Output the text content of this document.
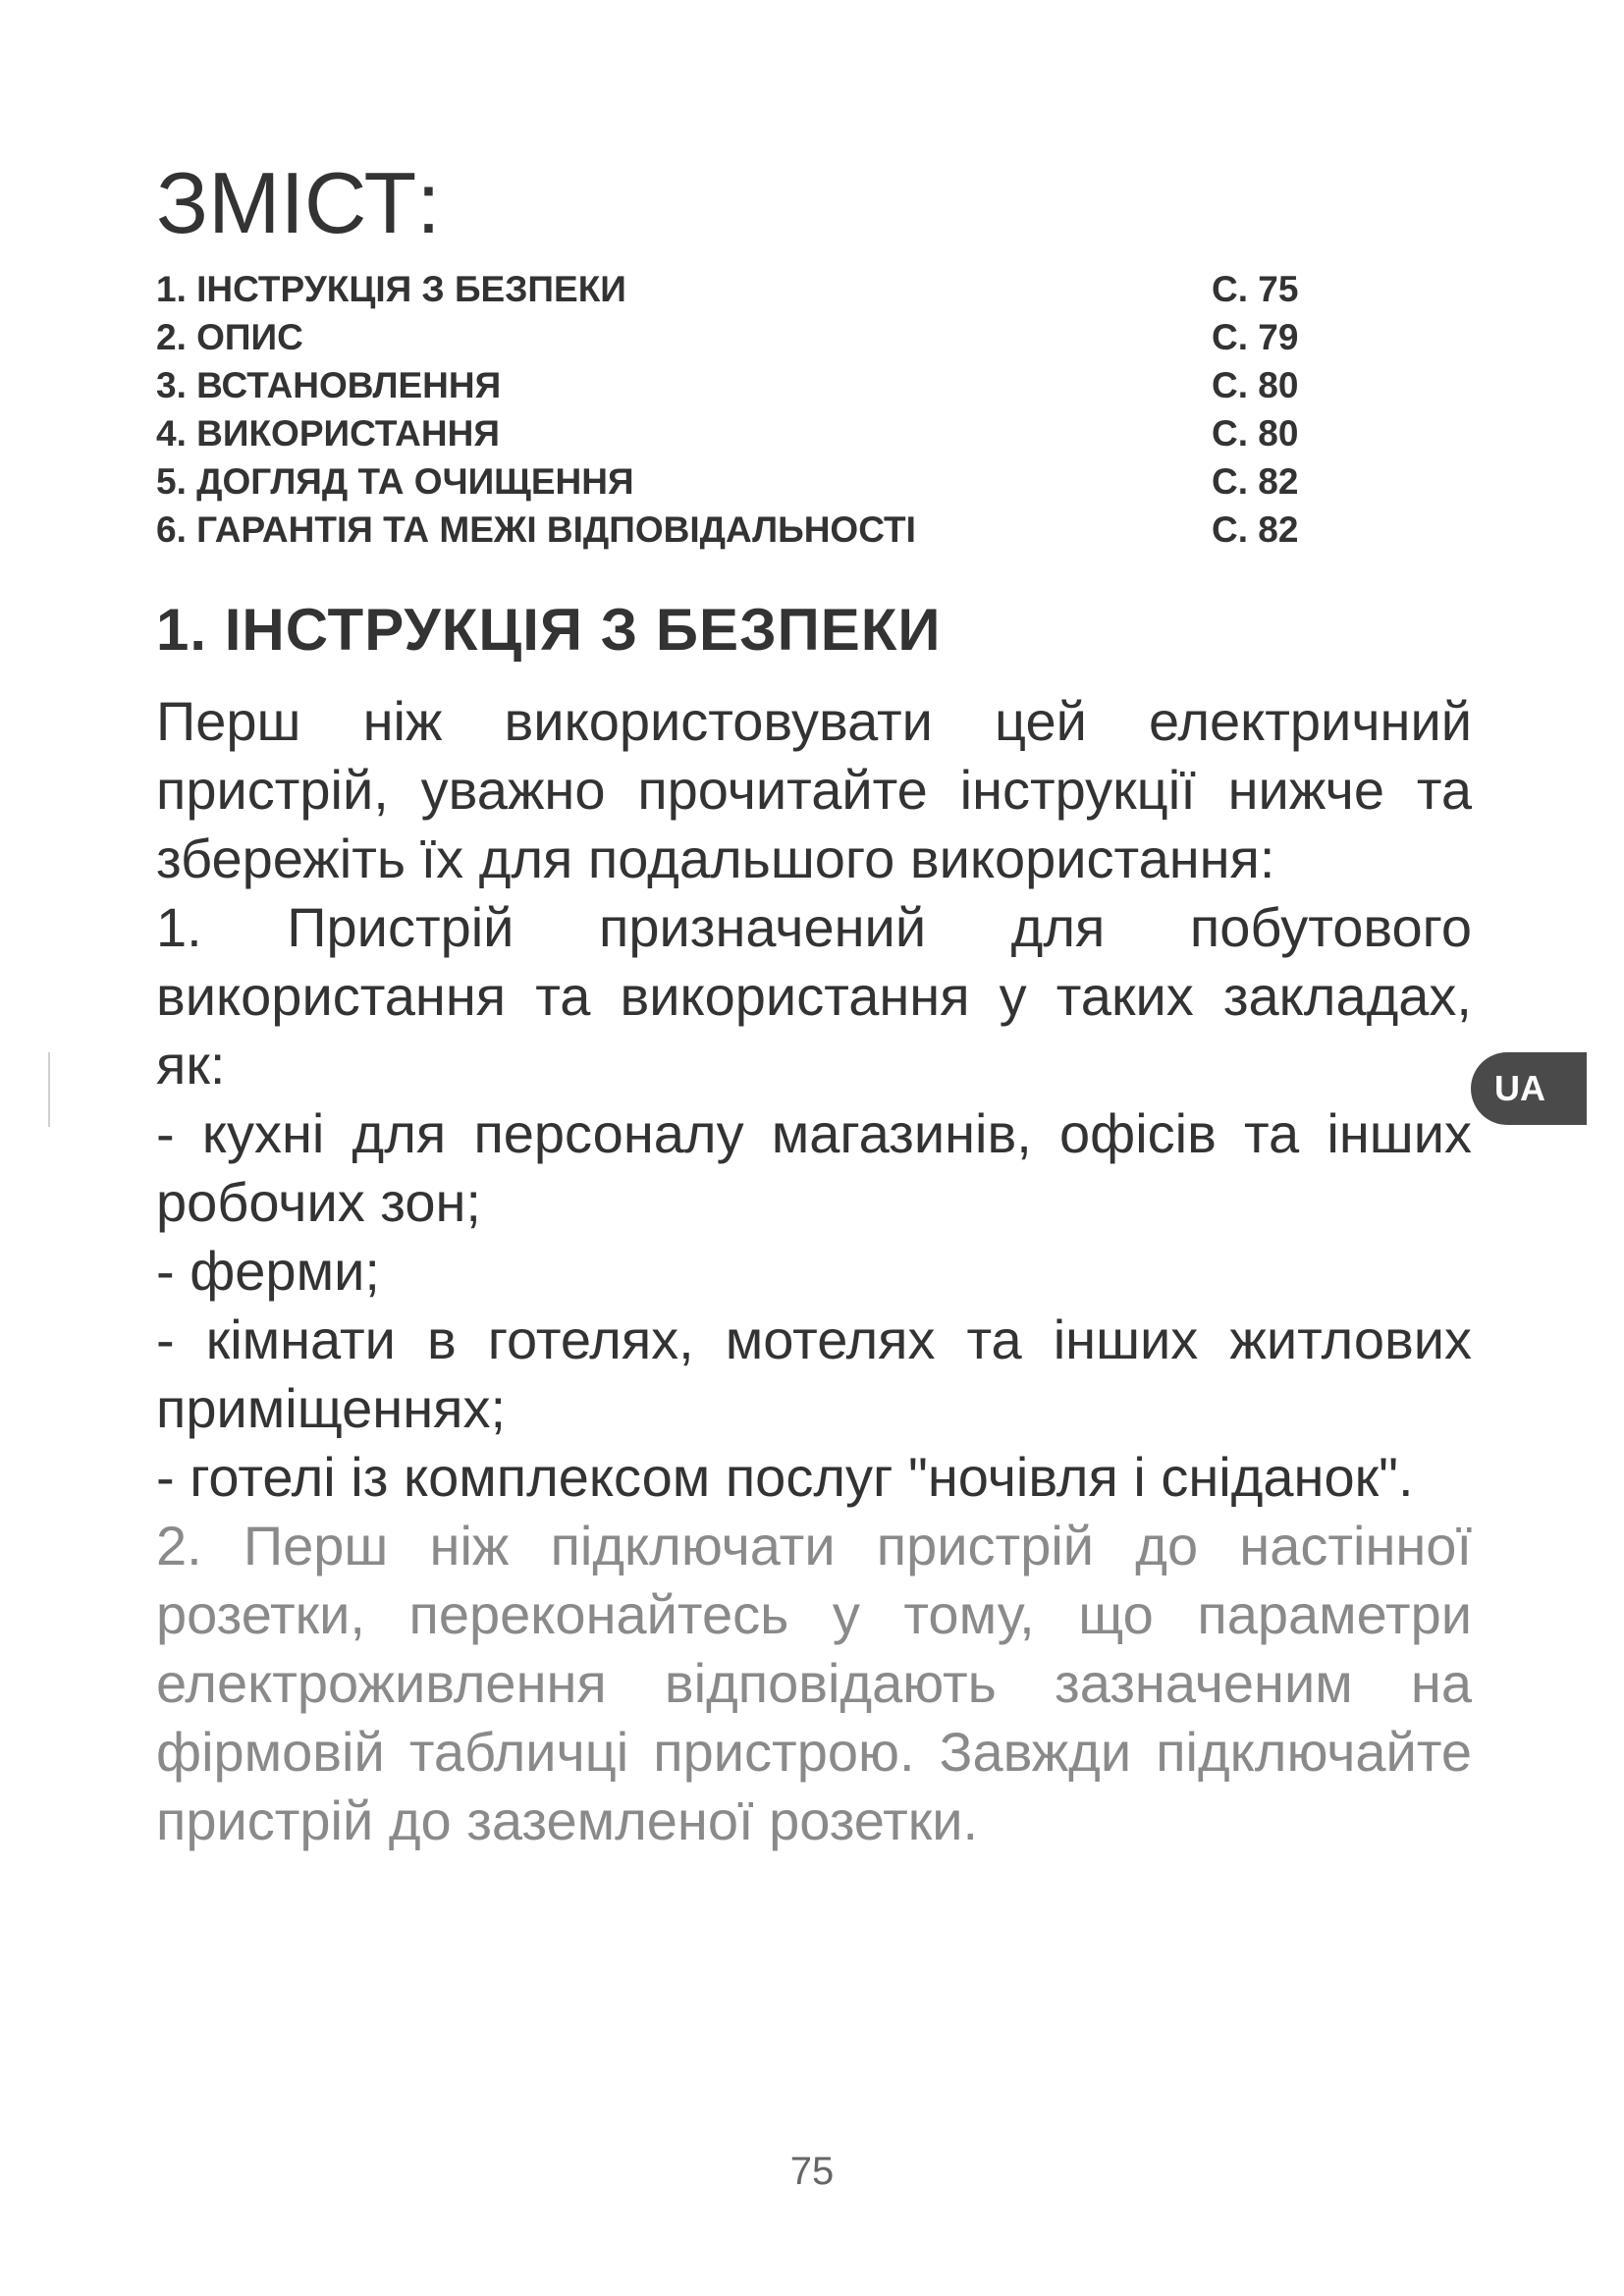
ЗМІСТ:
1. ІНСТРУКЦІЯ З БЕЗПЕКИ	С. 75
2. ОПИС	С. 79
3. ВСТАНОВЛЕННЯ	С. 80
4. ВИКОРИСТАННЯ	С. 80
5. ДОГЛЯД ТА ОЧИЩЕННЯ	С. 82
6. ГАРАНТІЯ ТА МЕЖІ ВІДПОВІДАЛЬНОСТІ	С. 82
1. ІНСТРУКЦІЯ З БЕЗПЕКИ

Перш ніж використовувати цей електричний пристрій, уважно прочитайте інструкції нижче та збережіть їх для подальшого використання:

1. Пристрій призначений для побутового використання та використання у таких закладах, як:

- кухні для персоналу магазинів, офісів та інших робочих зон;

- ферми;

- кімнати в готелях, мотелях та інших житлових приміщеннях;

- готелі із комплексом послуг "ночівля і сніданок".

2. Перш ніж підключати пристрій до настінної розетки, переконайтесь у тому, що параметри електроживлення відповідають зазначеним на фірмовій табличці пристрою. Завжди підключайте пристрій до заземленої розетки.

UA
75
